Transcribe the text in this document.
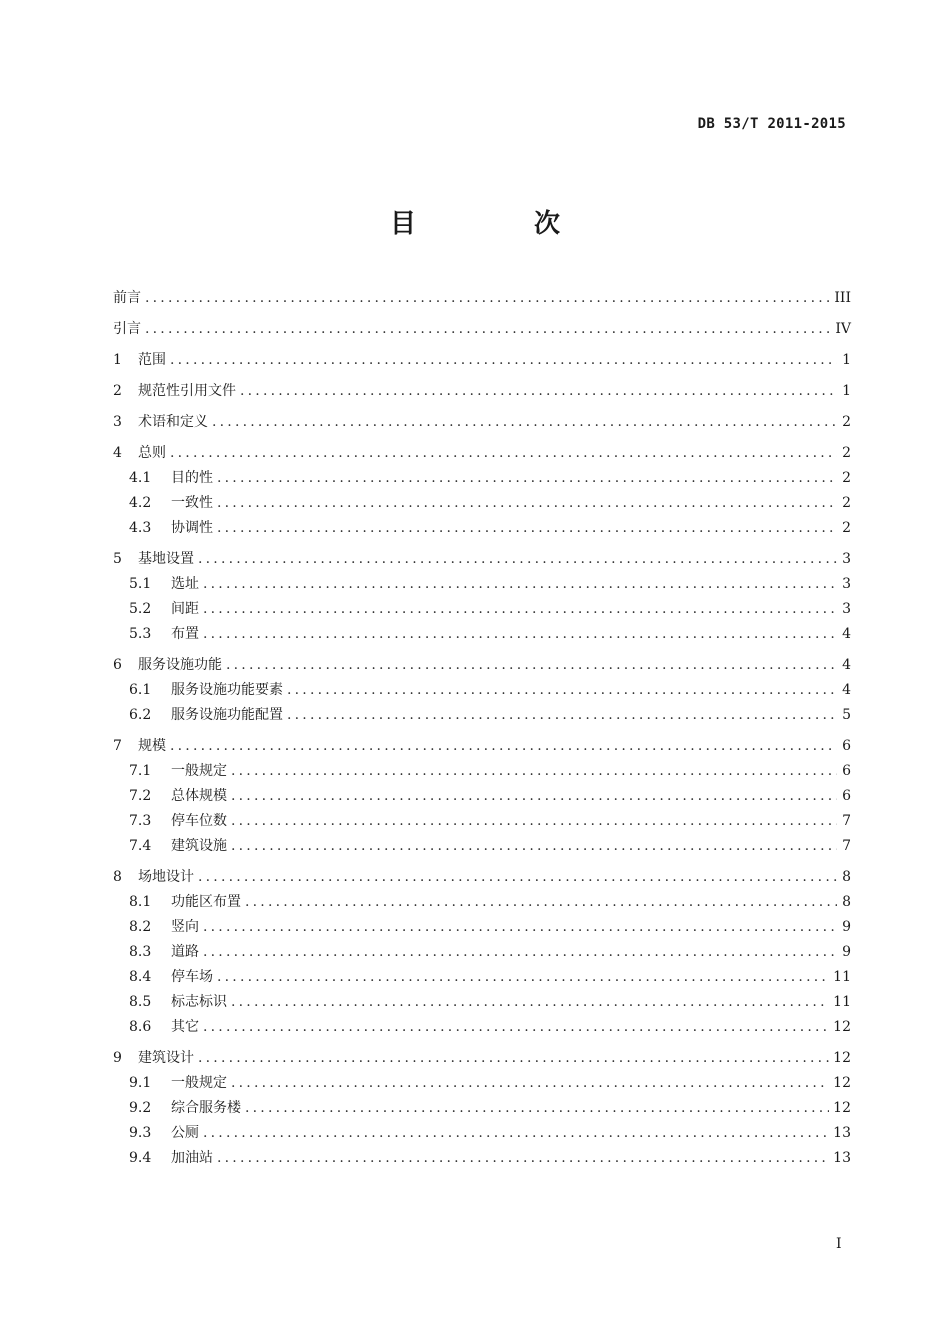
DB 53/T 2011-2015
目　次
前言 .....	III
引言 .....	IV
1	范围 .....	1
2	规范性引用文件 .....	1
3	术语和定义 .....	2
4	总则 .....	2
4.1	目的性 .....	2
4.2	一致性 .....	2
4.3	协调性 .....	2
5	基地设置 .....	3
5.1	选址 .....	3
5.2	间距 .....	3
5.3	布置 .....	4
6	服务设施功能 .....	4
6.1	服务设施功能要素 .....	4
6.2	服务设施功能配置 .....	5
7	规模 .....	6
7.1	一般规定 .....	6
7.2	总体规模 .....	6
7.3	停车位数 .....	7
7.4	建筑设施 .....	7
8	场地设计 .....	8
8.1	功能区布置 .....	8
8.2	竖向 .....	9
8.3	道路 .....	9
8.4	停车场 .....	11
8.5	标志标识 .....	11
8.6	其它 .....	12
9	建筑设计 .....	12
9.1	一般规定 .....	12
9.2	综合服务楼 .....	12
9.3	公厕 .....	13
9.4	加油站 .....	13
I
